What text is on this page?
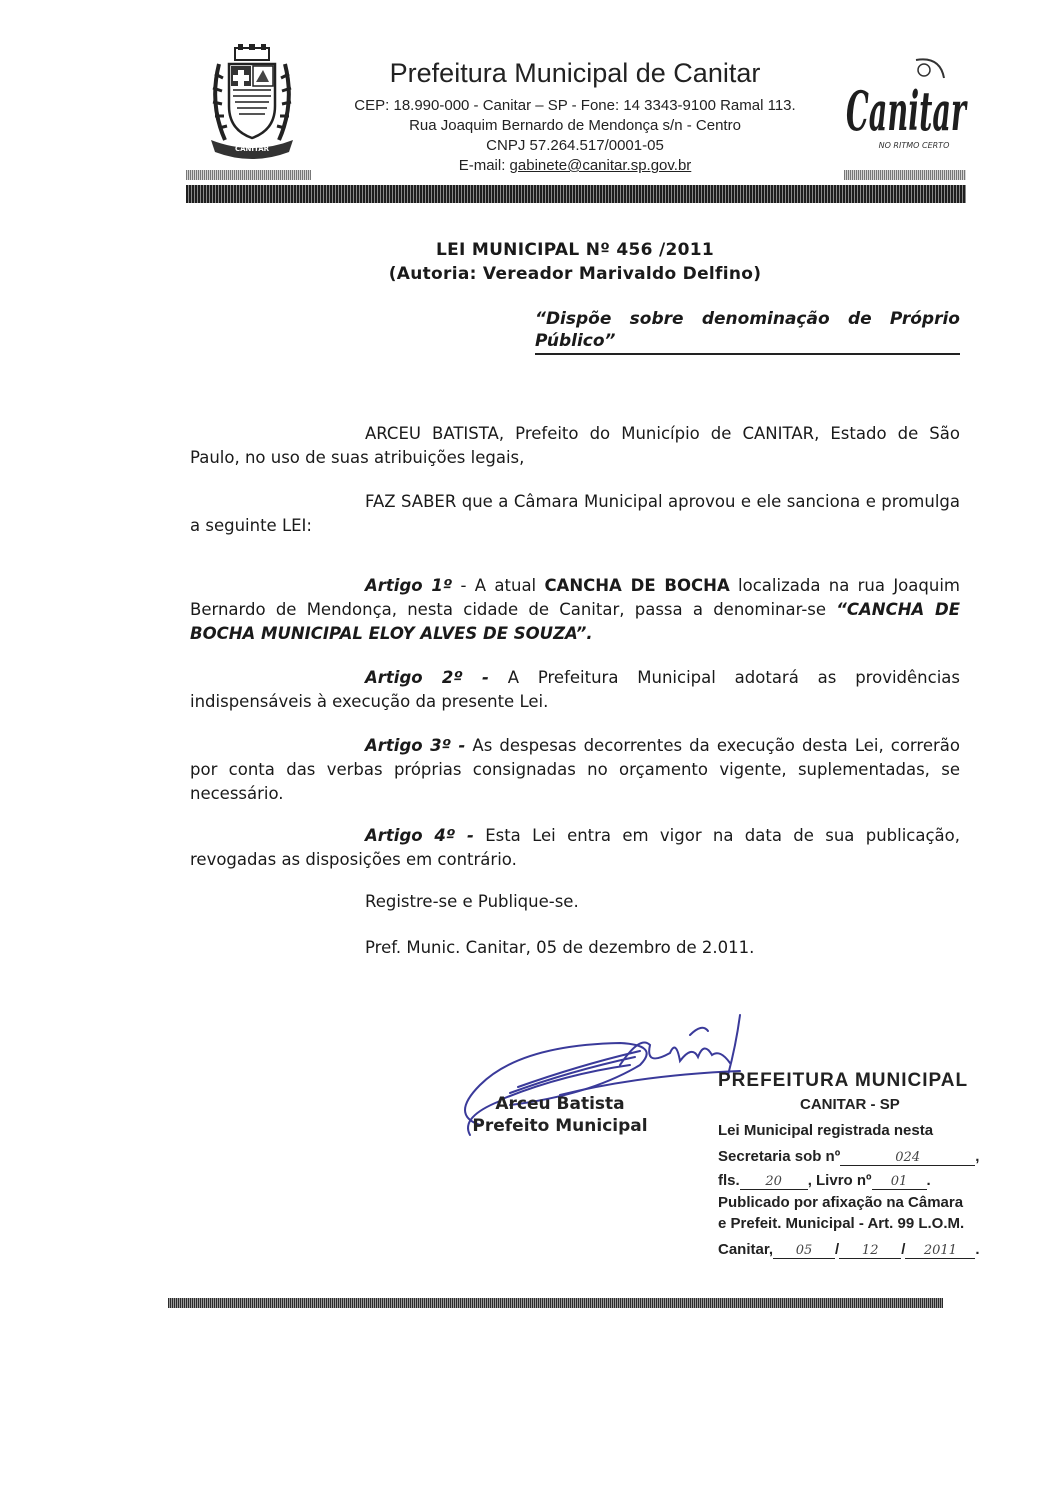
CANITAR
Prefeitura Municipal de Canitar
CEP: 18.990-000 - Canitar – SP - Fone: 14 3343-9100 Ramal 113.
Rua Joaquim Bernardo de Mendonça s/n - Centro
CNPJ 57.264.517/0001-05
E-mail: gabinete@canitar.sp.gov.br
Canitar
NO RITMO CERTO
LEI MUNICIPAL Nº 456 /2011
(Autoria: Vereador Marivaldo Delfino)
“Dispõe sobre denominação de Próprio Público”

ARCEU BATISTA, Prefeito do Município de CANITAR, Estado de São Paulo, no uso de suas atribuições legais,

FAZ SABER que a Câmara Municipal aprovou e ele sanciona e promulga a seguinte LEI:

Artigo 1º - A atual CANCHA DE BOCHA localizada na rua Joaquim Bernardo de Mendonça, nesta cidade de Canitar, passa a denominar-se “CANCHA DE BOCHA MUNICIPAL ELOY ALVES DE SOUZA”.

Artigo 2º - A Prefeitura Municipal adotará as providências indispensáveis à execução da presente Lei.

Artigo 3º - As despesas decorrentes da execução desta Lei, correrão por conta das verbas próprias consignadas no orçamento vigente, suplementadas, se necessário.

Artigo 4º - Esta Lei entra em vigor na data de sua publicação, revogadas as disposições em contrário.

Registre-se e Publique-se.

Pref. Munic. Canitar, 05 de dezembro de 2.011.

Arceu Batista
Prefeito Municipal
PREFEITURA MUNICIPAL
CANITAR - SP
Lei Municipal registrada nesta
Secretaria sob nº	024	,
fls. 20 , Livro nº 01 .
Publicado por afixação na Câmara
e Prefeit. Municipal - Art. 99 L.O.M.
Canitar, 05 / 12 / 2011 .
